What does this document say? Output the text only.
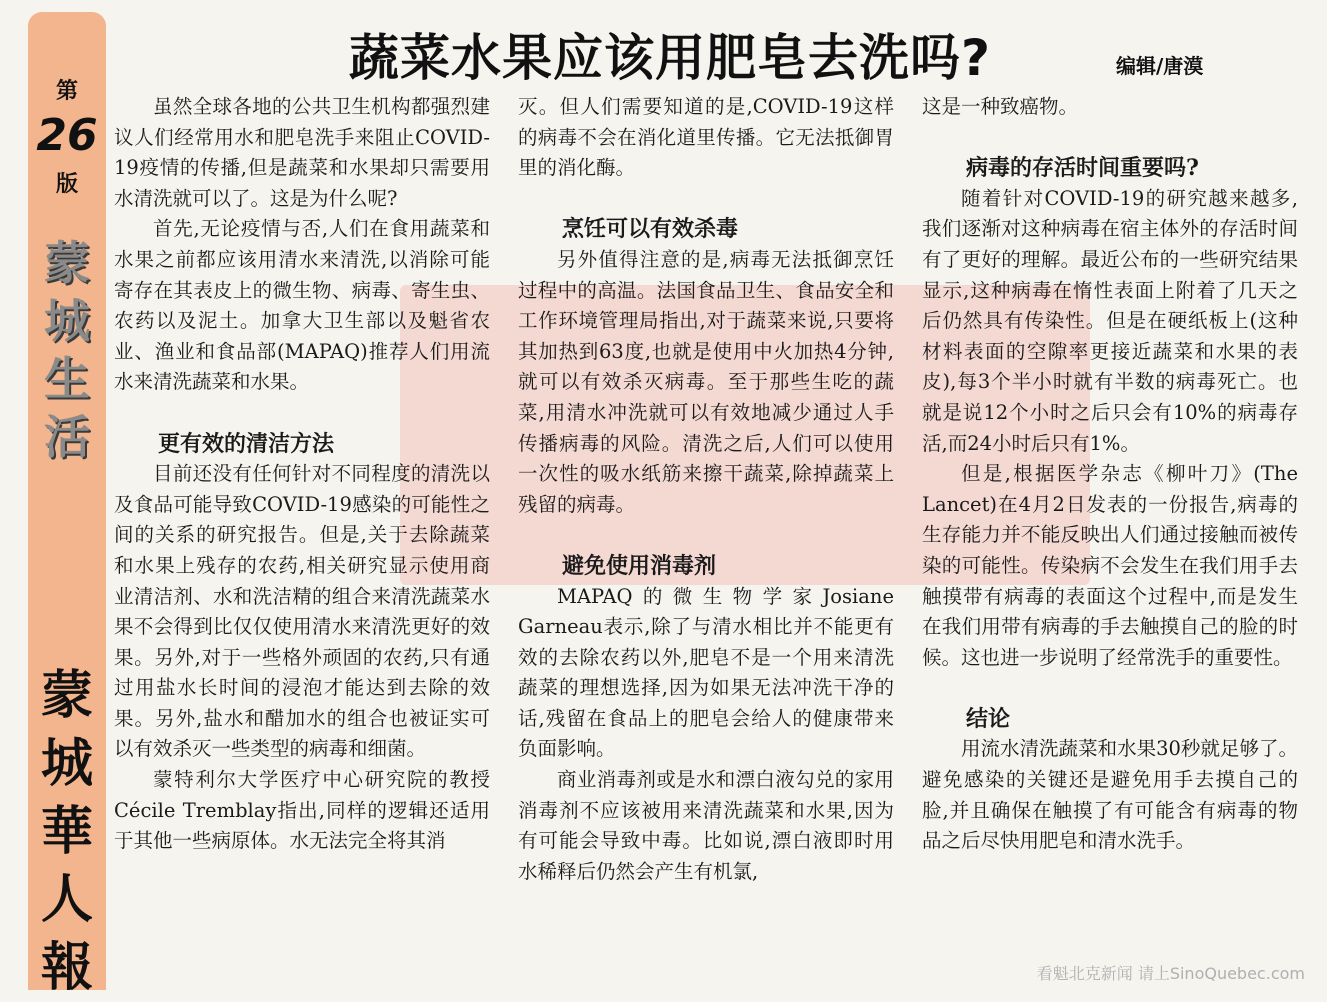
第
26
版
蒙
城
生
活
蒙
城
華
人
報
蔬菜水果应该用肥皂去洗吗?	编辑/唐漠

虽然全球各地的公共卫生机构都强烈建议人们经常用水和肥皂洗手来阻止COVID-19疫情的传播,但是蔬菜和水果却只需要用水清洗就可以了。这是为什么呢?

首先,无论疫情与否,人们在食用蔬菜和水果之前都应该用清水来清洗,以消除可能寄存在其表皮上的微生物、病毒、寄生虫、农药以及泥土。加拿大卫生部以及魁省农业、渔业和食品部(MAPAQ)推荐人们用流水来清洗蔬菜和水果。

更有效的清洁方法

目前还没有任何针对不同程度的清洗以及食品可能导致COVID-19感染的可能性之间的关系的研究报告。但是,关于去除蔬菜和水果上残存的农药,相关研究显示使用商业清洁剂、水和洗洁精的组合来清洗蔬菜水果不会得到比仅仅使用清水来清洗更好的效果。另外,对于一些格外顽固的农药,只有通过用盐水长时间的浸泡才能达到去除的效果。另外,盐水和醋加水的组合也被证实可以有效杀灭一些类型的病毒和细菌。

蒙特利尔大学医疗中心研究院的教授Cécile Tremblay指出,同样的逻辑还适用于其他一些病原体。水无法完全将其消

灭。但人们需要知道的是,COVID-19这样的病毒不会在消化道里传播。它无法抵御胃里的消化酶。

烹饪可以有效杀毒

另外值得注意的是,病毒无法抵御烹饪过程中的高温。法国食品卫生、食品安全和工作环境管理局指出,对于蔬菜来说,只要将其加热到63度,也就是使用中火加热4分钟,就可以有效杀灭病毒。至于那些生吃的蔬菜,用清水冲洗就可以有效地减少通过人手传播病毒的风险。清洗之后,人们可以使用一次性的吸水纸筋来擦干蔬菜,除掉蔬菜上残留的病毒。

避免使用消毒剂

MAPAQ的微生物学家Josiane Garneau表示,除了与清水相比并不能更有效的去除农药以外,肥皂不是一个用来清洗蔬菜的理想选择,因为如果无法冲洗干净的话,残留在食品上的肥皂会给人的健康带来负面影响。

商业消毒剂或是水和漂白液勾兑的家用消毒剂不应该被用来清洗蔬菜和水果,因为有可能会导致中毒。比如说,漂白液即时用水稀释后仍然会产生有机氯,

这是一种致癌物。

病毒的存活时间重要吗?

随着针对COVID-19的研究越来越多,我们逐渐对这种病毒在宿主体外的存活时间有了更好的理解。最近公布的一些研究结果显示,这种病毒在惰性表面上附着了几天之后仍然具有传染性。但是在硬纸板上(这种材料表面的空隙率更接近蔬菜和水果的表皮),每3个半小时就有半数的病毒死亡。也就是说12个小时之后只会有10%的病毒存活,而24小时后只有1%。

但是,根据医学杂志《柳叶刀》(The Lancet)在4月2日发表的一份报告,病毒的生存能力并不能反映出人们通过接触而被传染的可能性。传染病不会发生在我们用手去触摸带有病毒的表面这个过程中,而是发生在我们用带有病毒的手去触摸自己的脸的时候。这也进一步说明了经常洗手的重要性。

结论

用流水清洗蔬菜和水果30秒就足够了。避免感染的关键还是避免用手去摸自己的脸,并且确保在触摸了有可能含有病毒的物品之后尽快用肥皂和清水洗手。

看魁北克新闻 请上SinoQuebec.com
